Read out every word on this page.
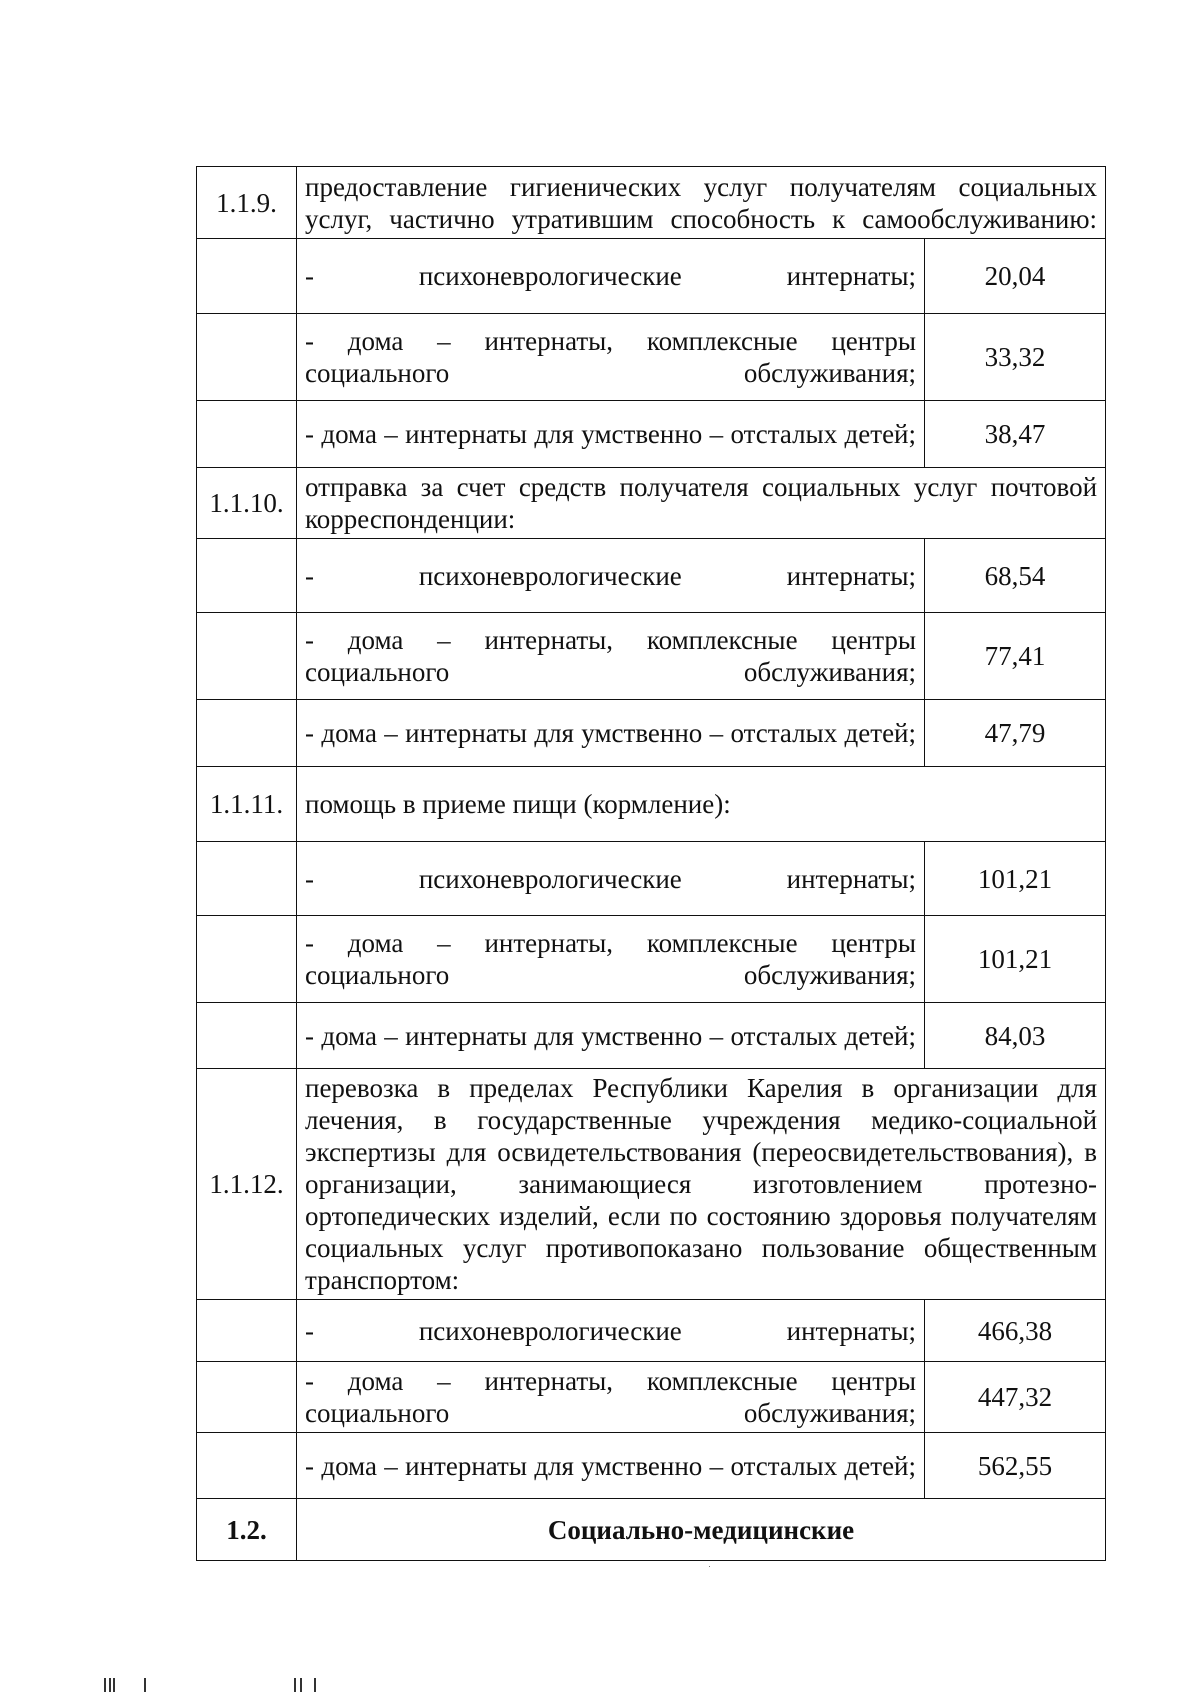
1.1.9.	предоставление гигиенических услуг получателям социальных услуг, частично утратившим способность к самообслуживанию:	
	- психоневрологические интернаты;	20,04
	- дома – интернаты, комплексные центры социального обслуживания;	33,32
	- дома – интернаты для умственно – отсталых детей;	38,47
1.1.10.	отправка за счет средств получателя социальных услуг почтовой корреспонденции:	
	- психоневрологические интернаты;	68,54
	- дома – интернаты, комплексные центры социального обслуживания;	77,41
	- дома – интернаты для умственно – отсталых детей;	47,79
1.1.11.	помощь в приеме пищи (кормление):	
	- психоневрологические интернаты;	101,21
	- дома – интернаты, комплексные центры социального обслуживания;	101,21
	- дома – интернаты для умственно – отсталых детей;	84,03
1.1.12.	перевозка в пределах Республики Карелия в организации для лечения, в государственные учреждения медико-социальной экспертизы для освидетельствования (переосвидетельствования), в организации, занимающиеся изготовлением протезно-ортопедических изделий, если по состоянию здоровья получателям социальных услуг противопоказано пользование общественным транспортом:	
	- психоневрологические интернаты;	466,38
	- дома – интернаты, комплексные центры социального обслуживания;	447,32
	- дома – интернаты для умственно – отсталых детей;	562,55
1.2.	Социально-медицинские	
